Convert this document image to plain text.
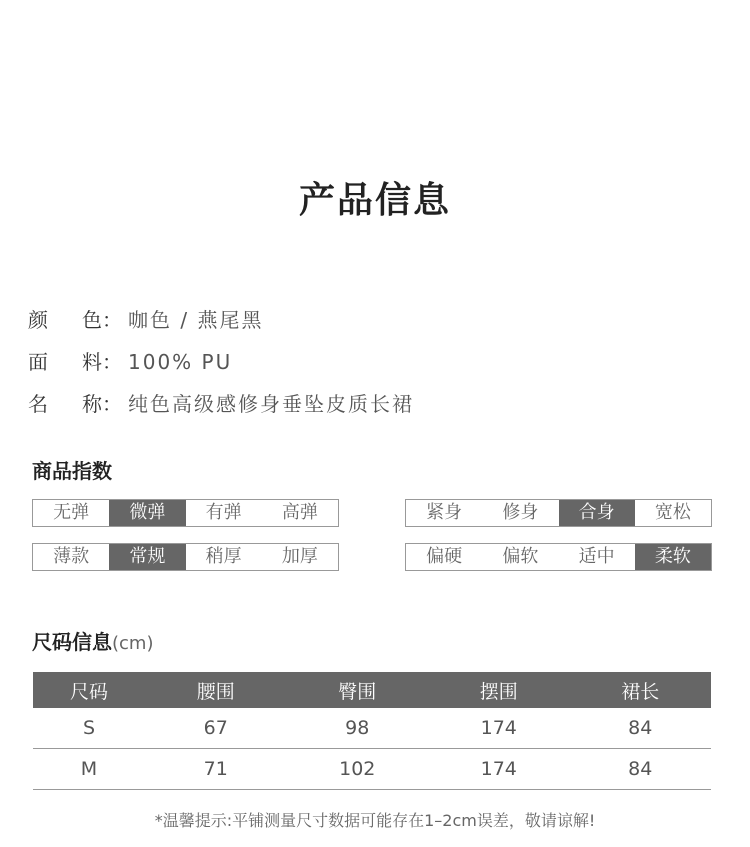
产品信息
颜 色： 咖色 / 燕尾黑
面 料： 100% PU
名 称： 纯色高级感修身垂坠皮质长裙
商品指数
无弹	微弹	有弹	高弹
薄款	常规	稍厚	加厚
紧身	修身	合身	宽松
偏硬	偏软	适中	柔软
尺码信息(cm)
尺码	腰围	臀围	摆围	裙长
S	67	98	174	84
M	71	102	174	84
*温馨提示:平铺测量尺寸数据可能存在1–2cm误差，敬请谅解!
